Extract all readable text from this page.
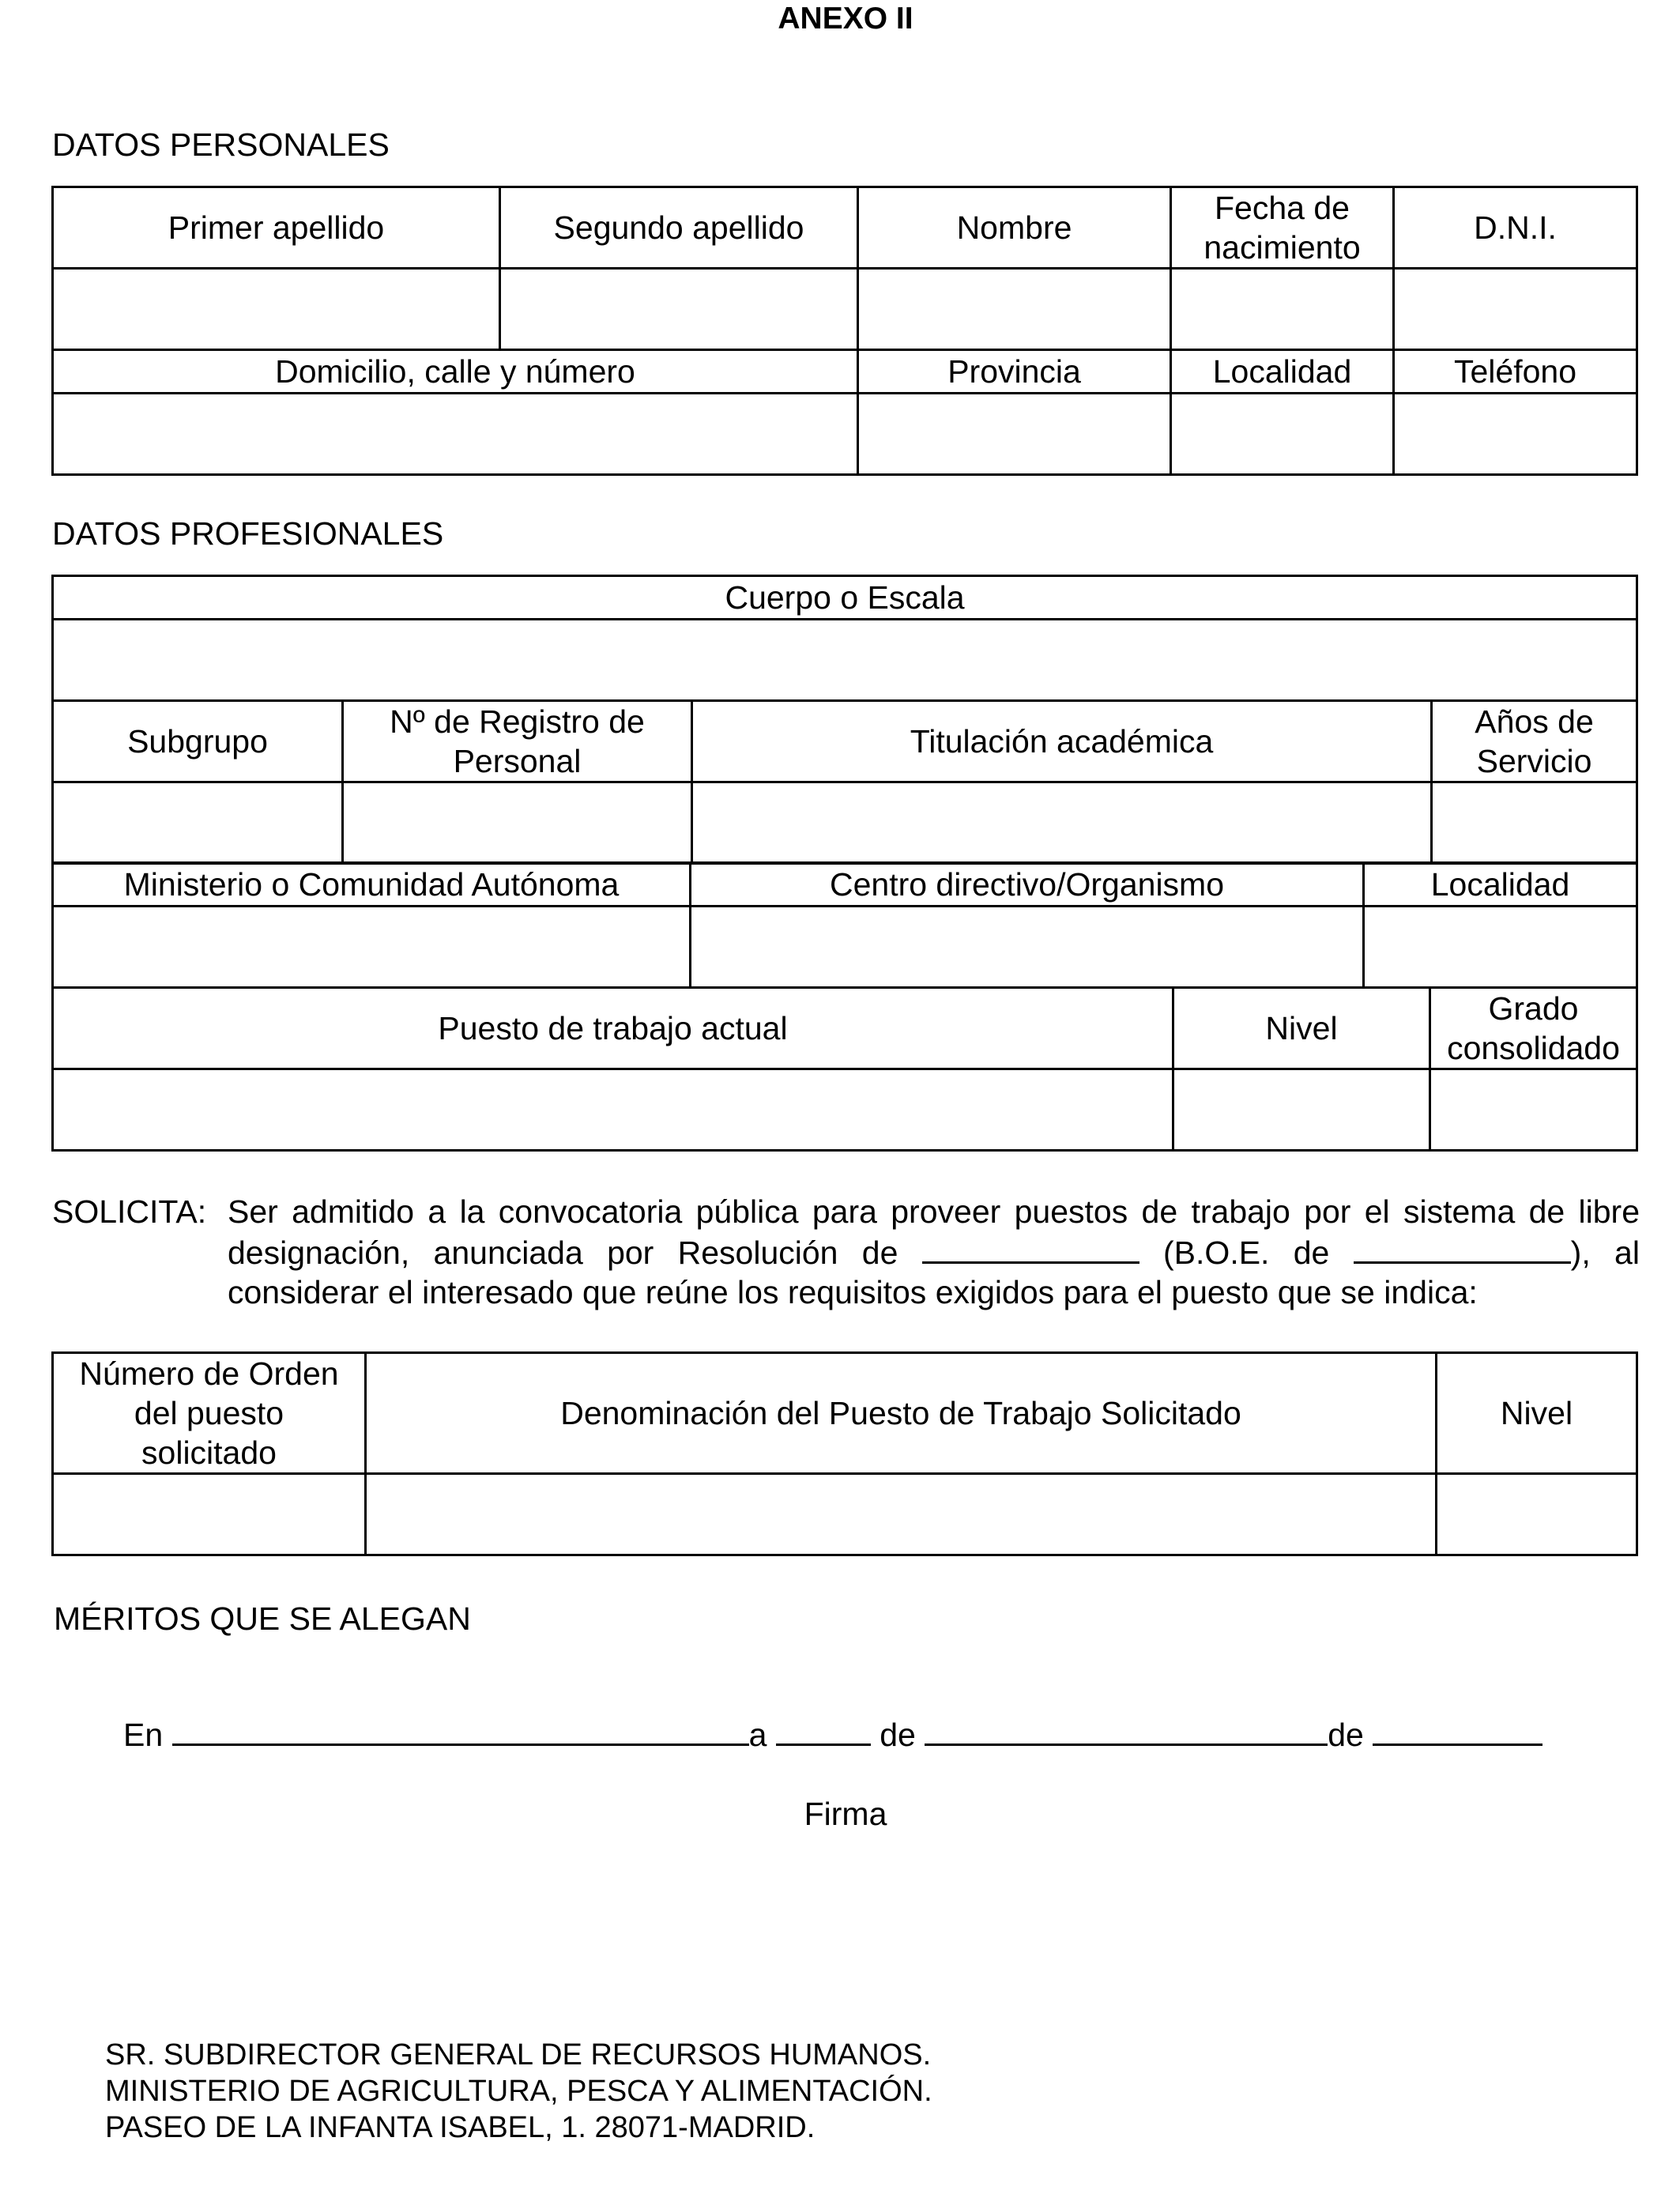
ANEXO II
DATOS PERSONALES
Primer apellido	Segundo apellido	Nombre	Fecha de nacimiento	D.N.I.

Domicilio, calle y número		Provincia	Localidad	Teléfono

DATOS PROFESIONALES
Cuerpo o Escala			

Subgrupo	Nº de Registro de Personal	Titulación académica	Años de Servicio

Ministerio o Comunidad Autónoma	Centro directivo/Organismo	Localidad

Puesto de trabajo actual	Nivel	Grado consolidado

SOLICITA: Ser admitido a la convocatoria pública para proveer puestos de trabajo por el sistema de libre designación, anunciada por Resolución de	(B.O.E. de	), al considerar el interesado que reúne los requisitos exigidos para el puesto que se indica:
Número de Orden del puesto solicitado	Denominación del Puesto de Trabajo Solicitado	Nivel

MÉRITOS QUE SE ALEGAN
En	a	de	de
Firma
SR. SUBDIRECTOR GENERAL DE RECURSOS HUMANOS.
MINISTERIO DE AGRICULTURA, PESCA Y ALIMENTACIÓN.
PASEO DE LA INFANTA ISABEL, 1. 28071-MADRID.
